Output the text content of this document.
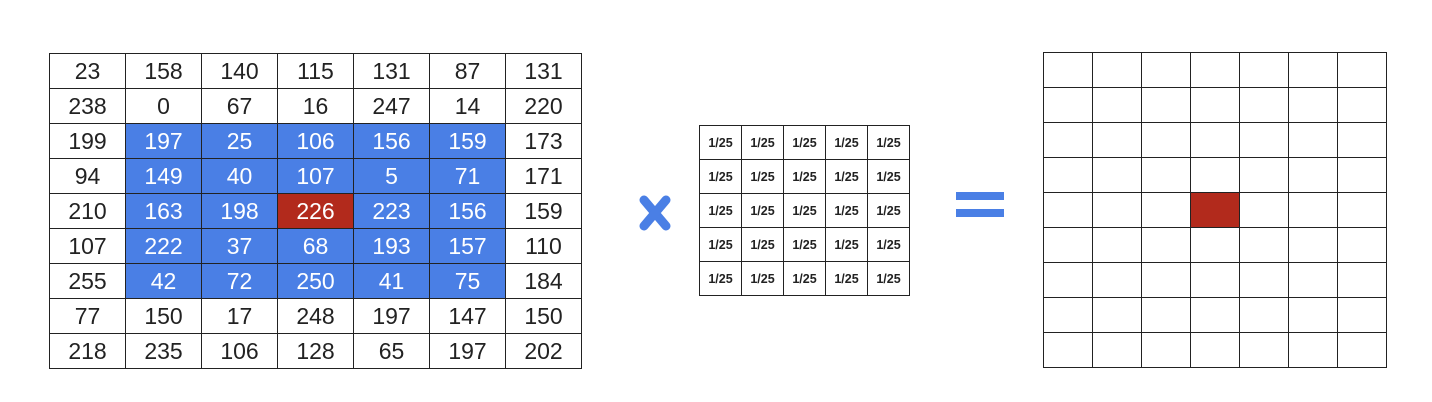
23	158	140	115	131	87	131
238	0	67	16	247	14	220
199	197	25	106	156	159	173
94	149	40	107	5	71	171
210	163	198	226	223	156	159
107	222	37	68	193	157	110
255	42	72	250	41	75	184
77	150	17	248	197	147	150
218	235	106	128	65	197	202
1/25	1/25	1/25	1/25	1/25
1/25	1/25	1/25	1/25	1/25
1/25	1/25	1/25	1/25	1/25
1/25	1/25	1/25	1/25	1/25
1/25	1/25	1/25	1/25	1/25
